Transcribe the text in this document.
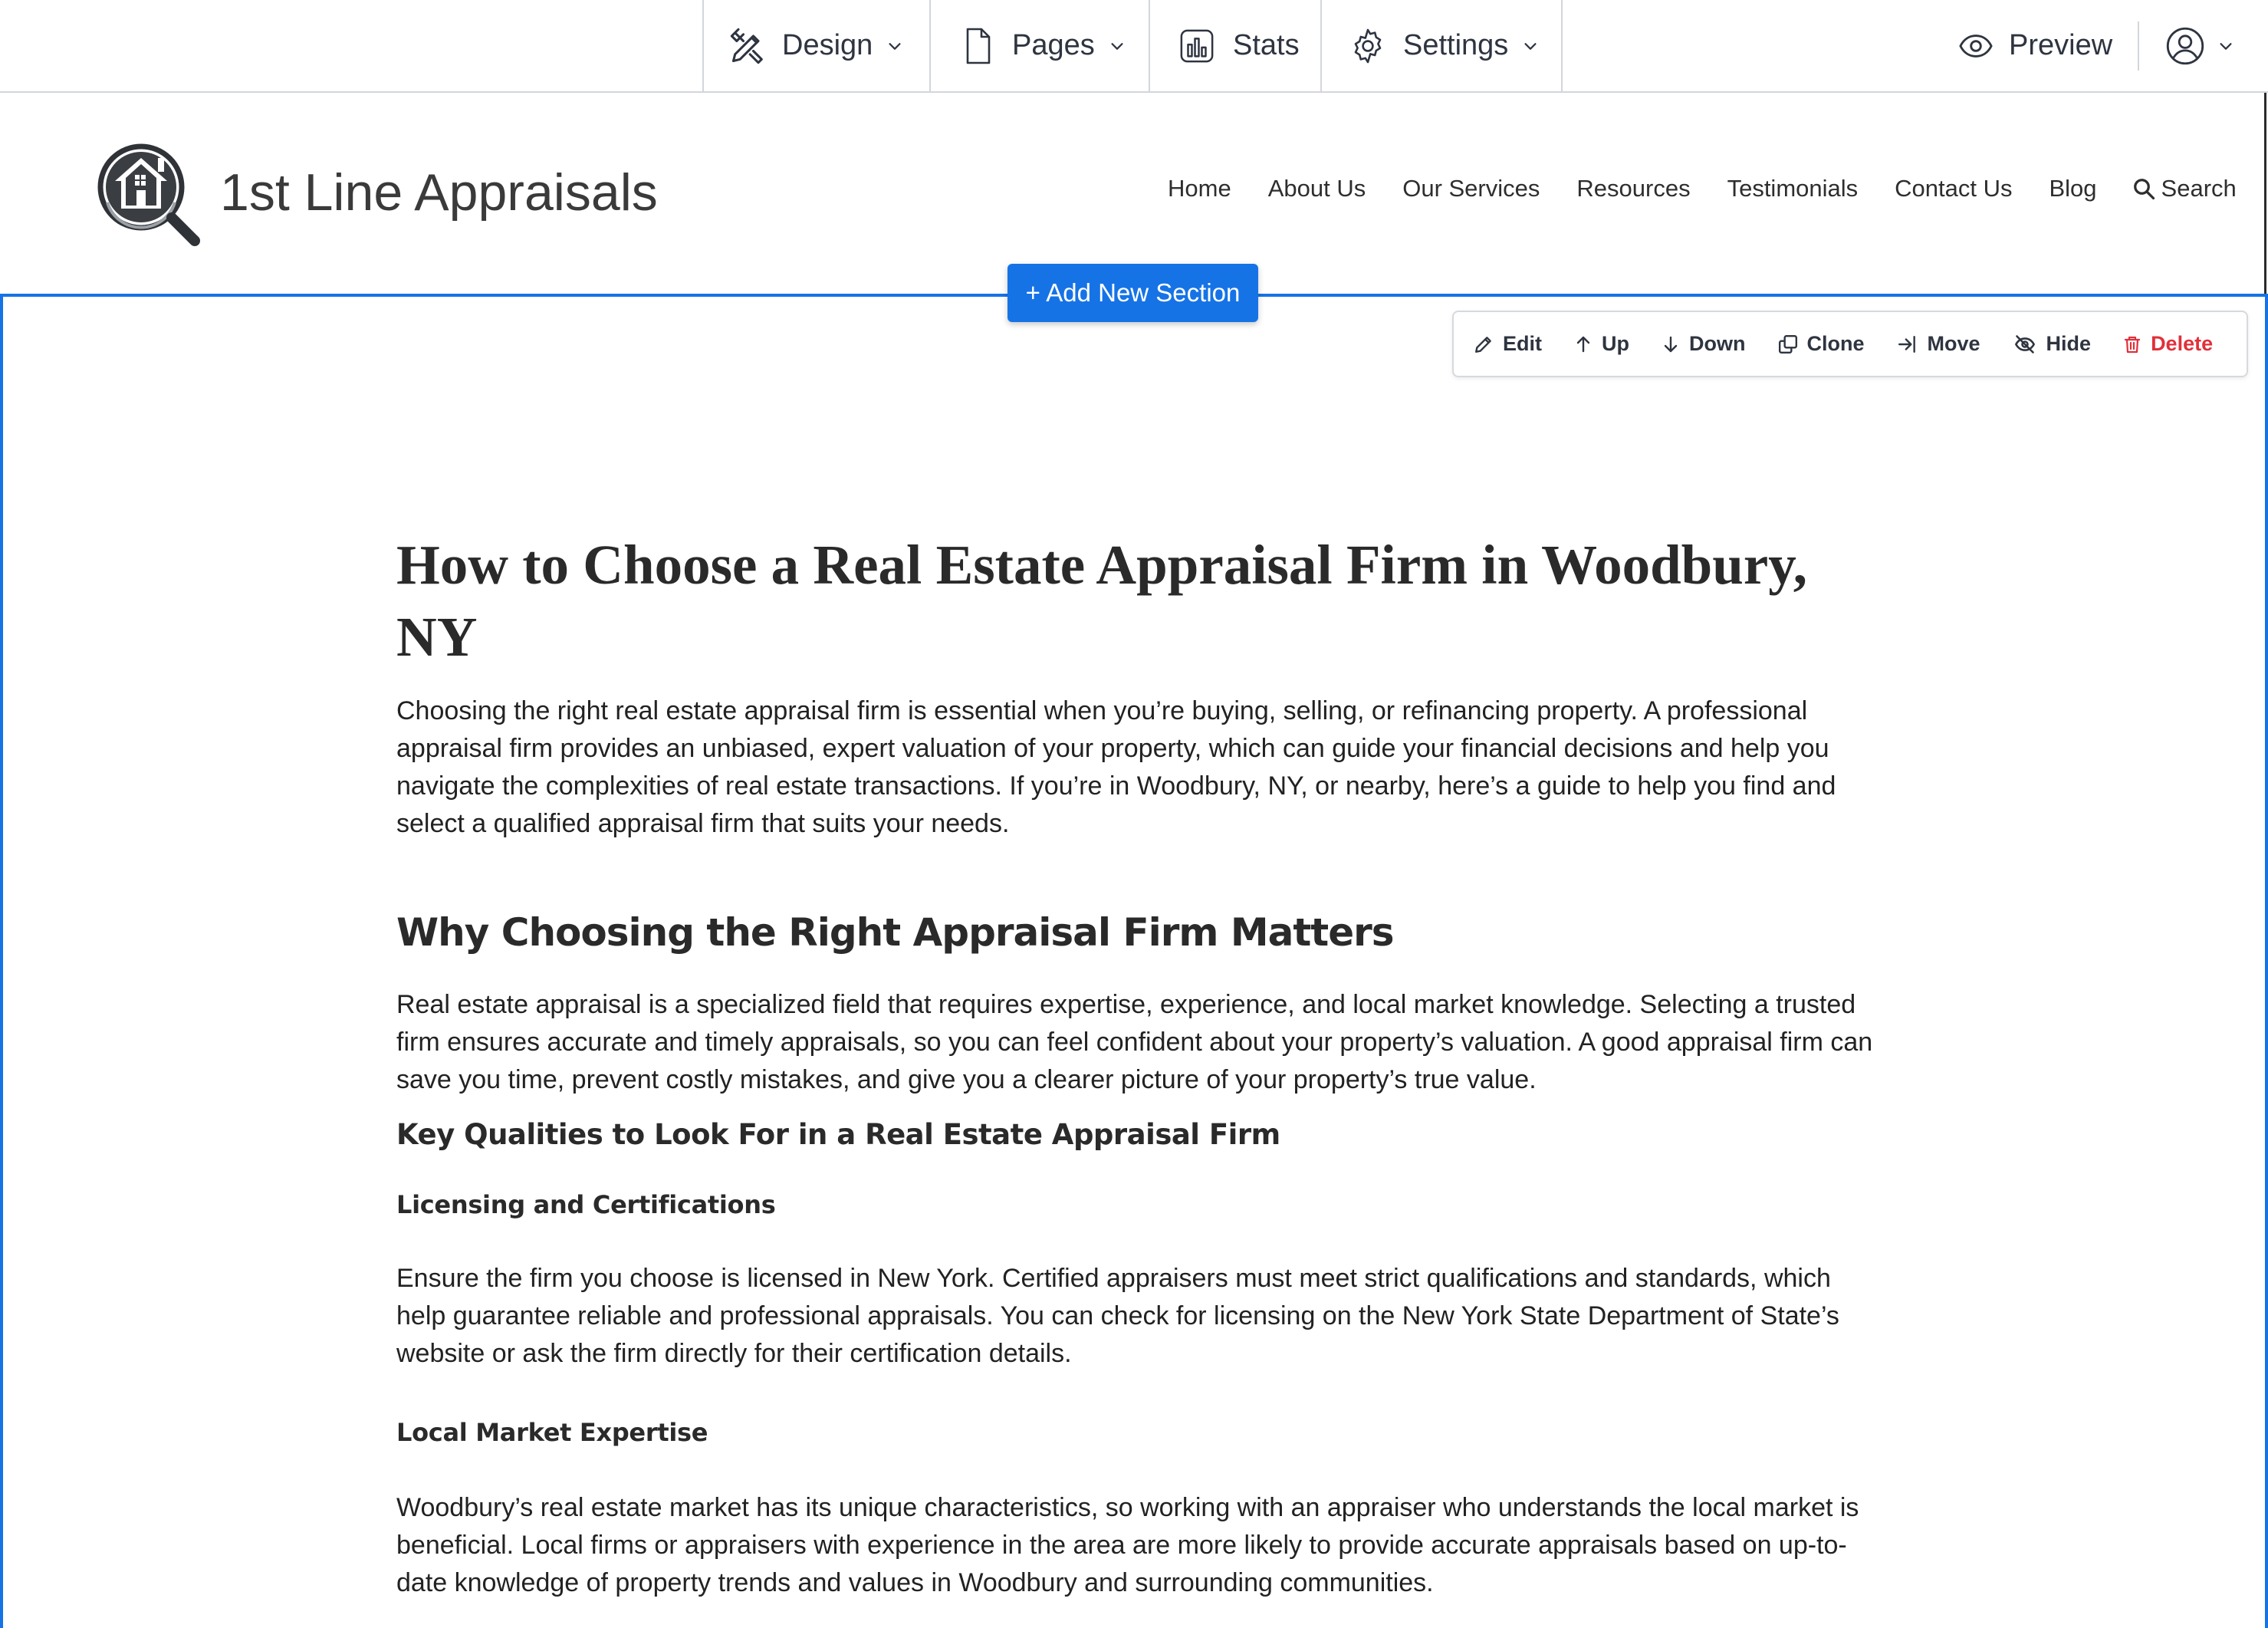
Design	Pages	Stats	Settings	Preview
1st Line Appraisals	Home About Us Our Services Resources Testimonials Contact Us Blog	Search
+ Add New Section
Edit	Up	Down	Clone	Move	Hide	Delete
How to Choose a Real Estate Appraisal Firm in Woodbury, NY

Choosing the right real estate appraisal firm is essential when you’re buying, selling, or refinancing property. A professional appraisal firm provides an unbiased, expert valuation of your property, which can guide your financial decisions and help you navigate the complexities of real estate transactions. If you’re in Woodbury, NY, or nearby, here’s a guide to help you find and select a qualified appraisal firm that suits your needs.

Why Choosing the Right Appraisal Firm Matters

Real estate appraisal is a specialized field that requires expertise, experience, and local market knowledge. Selecting a trusted firm ensures accurate and timely appraisals, so you can feel confident about your property’s valuation. A good appraisal firm can save you time, prevent costly mistakes, and give you a clearer picture of your property’s true value.

Key Qualities to Look For in a Real Estate Appraisal Firm
Licensing and Certifications

Ensure the firm you choose is licensed in New York. Certified appraisers must meet strict qualifications and standards, which help guarantee reliable and professional appraisals. You can check for licensing on the New York State Department of State’s website or ask the firm directly for their certification details.

Local Market Expertise

Woodbury’s real estate market has its unique characteristics, so working with an appraiser who understands the local market is beneficial. Local firms or appraisers with experience in the area are more likely to provide accurate appraisals based on up-to-date knowledge of property trends and values in Woodbury and surrounding communities.
